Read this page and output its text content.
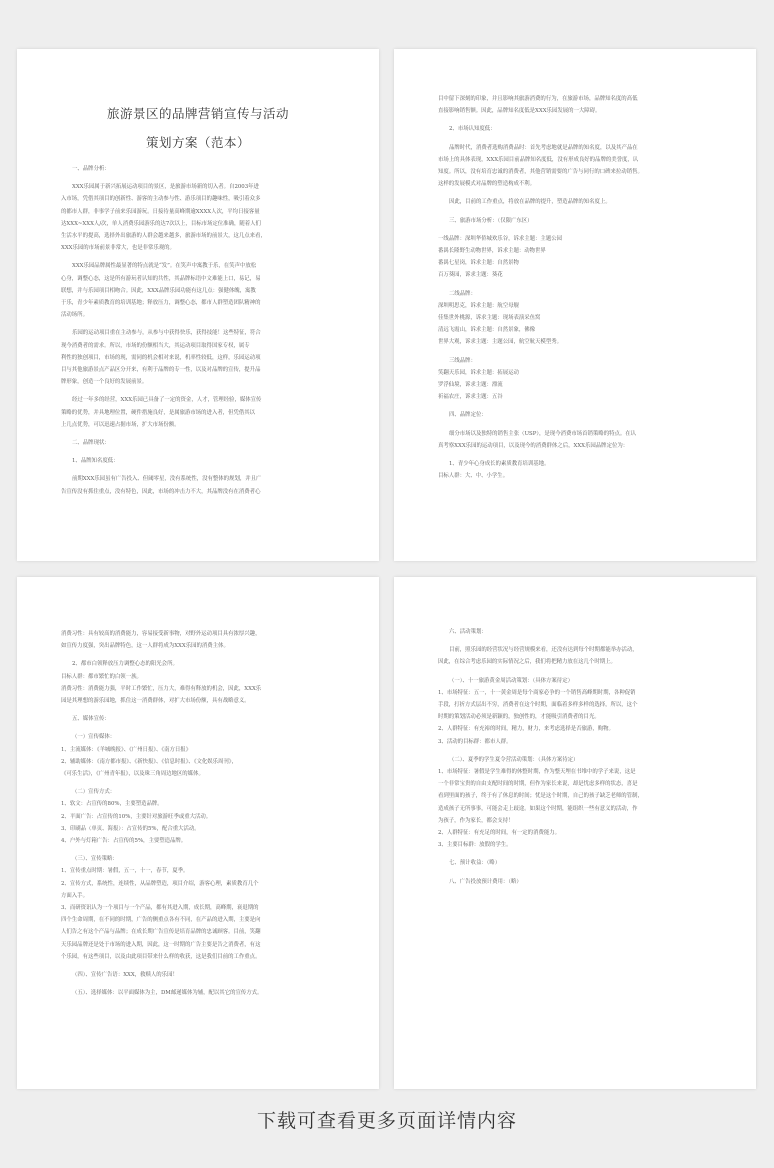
旅游景区的品牌营销宣传与活动
策划方案（范本）
一、品牌分析：
XXX乐园属于新兴拓展运动项目的景区，是旅游市场新的切入者。自2003年进
入市场，凭借其项目的创新性、游客的主动参与性、游乐项目的趣味性，吸引着众多
的都市人群，非事学子前来乐园游玩。日接待量高峰期逾XXXX人次，平均日接客量
达XXX~XXX人/次，单人消费乐园游乐的达7次以上，目标市场定位准确，随着人们
生活水平的提高，选择外出旅游的人群会越来越多，旅游市场的前景大，这几点来看，
XXX乐园的市场前景非常大，也是非常乐观的。
XXX乐园品牌属性最显著的特点就是“发”。在笑声中寓教于乐，在笑声中放松
心身，调整心态，这是所有游玩者认知的共性，其品牌标语中文难能上口，易记，易
联想，并与乐园项目相吻合。因此，XXX品牌乐园功能有这几点：强健体魄，寓教
于乐，青少年素质教育的培训基地；释放压力，调整心态，都市人群塑造团队精神的
活动场所。
乐园的运动项目重在主动参与，从参与中获得快乐，获得技能！这些特征，符合
现今消费者的需求。所以，市场的份额相当大，其运动项目取得国家专权，属专
利性的独创项目，市场的现，需同的机会相对来说，机率性较低，这样，乐园运动项
目与其他旅游景点产品区分开来，有利于品牌的专一性，以及对品牌的宣传，提升品
牌形象，创造一个良好的发展前景。
经过一年多的经营，XXX乐园已具备了一定的资金，人才，管理经验，媒体宣传
策略的优势，并具地理位置，硬件措施良好，是属旅游市场的进入者，但凭借其以
上几点优势，可以迅速占据市场，扩大市场份额。
二、品牌现状：
1、品牌知名度低：
前期XXX乐园虽有广告投入、但阈零星，没有系统性，没有整体的规划，并且广
告宣传没有抓住重点，没有特色，因此，市场的冲击力不大，其品牌没有在消费者心
目中留下深刻的印象，并且影响其旅游消费的行为，在旅游市场，品牌知名度的高低
直接影响销售额。因此，品牌知名度低是XXX乐园发展的一大障碍。
2、市场认知度低：
品牌时代，消费者选购消费品时：首先考虑地就是品牌的知名度，以及其产品在
市场上的具体表现，XXX乐园目前品牌知名度低，没有形成良好的品牌的美誉度，认
知度。所以，没有培育忠诚的消费者，其他营销需要的广告与同行的口碑来拉动销售。
这样的发展模式对品牌的塑造构成不利。
因此，目前的工作重点，将放在品牌的提升，塑造品牌的知名度上。
三、旅游市场分析：（仅限广东区）
一线品牌：深圳华侨城欢乐谷，诉求主题：主题公园
番禺长隆野生动物世界，诉求主题：动物世界
番禺七星岗，诉求主题：自然景物
百万葵园，诉求主题：葵花
二线品牌：
深圳明思克，诉求主题：航空母舰
佳集世外桃源，诉求主题：现场表演采鱼窝
清远飞霞山，诉求主题：自然景象，佛像
世界大观，诉求主题：主题公园，航空航天模型秀。
三线品牌：
笑翻天乐园，诉求主题：拓展运动
罗浮仙境，诉求主题：漂流
祈福农庄，诉求主题：五谷
四、品牌定位：
细分市场以及独特的销售主张（USP），是现今消费市场首销策略的特点。在认
真考察XXX乐园的运动项目，以及现今的消费群体之后，XXX乐园品牌定位为：
1、青少年心身成长的素质教育培训基地。
目标人群：大、中、小学生。
消费习性：具有较高的消费能力，容易接受新事物，对野外运动项目具有浓厚兴趣，
如宣传力度强，突出品牌特色，这一人群将成为XXX乐园的消费主体。
2、都市白领释放压力调整心态的阳光会所。
目标人群：都市繁忙的白领一族。
消费习性：消费能力强，平时工作繁忙，压力大，难得有释放的机会，因此，XXX乐
园是其理想的游乐园地，抓住这一消费群体，对扩大市场份额，具有战略意义。
五、媒体宣传：
（一）宣传媒体：
1、主流媒体：《羊城晚报》、《广州日报》、《南方日报》
2、辅助媒体：《南方都市报》、《新快报》、《信息时报》、《文化娱乐周刊》，
《可乐生活》，《广州青年报》，以及珠三角周边地区的媒体。
（二）宣传方式：
1、软文：占宣传的80%，主要塑造品牌。
2、平面广告：占宣传的10%，主要针对旅游旺季或重大活动。
3、印刷品（单页、海报）：占宣传的5%，配合重大活动。
4、户外与灯箱广告：占宣传的5%，主要塑造品牌。
（三）、宣传策略：
1、宣传重点时期：暑假，五一，十一，春节，夏季。
2、宣传方式，系统性，连续性，从品牌塑造，项目介绍，游客心理，素质教育几个
方面入手。
3、而研资讯认为一个项目与一个产品，都有其进入期，成长期，高峰期，衰退期的
四个生命周期，在不同的时期，广告的侧重点各有不同，在产品的进入期，主要是向
人们告之有这个产品与品牌；在成长期广告宣传是培育品牌的忠诚顾客。目前，笑翻
天乐园品牌还是处于市场的进入期，因此，这一时期的广告主要是告之消费者，有这
个乐园，有这些项目，以及由此项目带来什么样的收获，这是我们目前的工作重点。
（四）、宣传广告语：XXX，救赎人的乐园！
（五）、选择媒体：以平面媒体为主，DM邮递媒体为辅，配以其它的宣传方式。
六、活动策划：
目前，照乐园的经营状况与经营规模来看，还没有达到每个时期都能举办活动，
因此，在综合考虑乐园的实际情况之后，我们将把精力放在这几个时期上。
（一）、十一旅游黄金周活动策划：（具体方案待定）
1、市场特征：五一，十一黄金周是每个商家必争的一个销售高峰期时期，各种促销
手段，打折方式层出不穷，消费者在这个时期，面临着多样多样的选择，所以，这个
时期的策划活动必须是新颖的，独创性的，才能吸引消费者的目光。
2、人群特征：有充裕的时间，精力，财力，来考虑选择是否旅游，购物。
3、活动的目标群：都市人群。
（二）、夏季的学生夏令营活动策划：（具体方案待定）
1、市场特征：暑假是学生难得的休整时期，作为整天埋在书堆中的学子来说，这是
一个非常宝贵的自由支配时间的时期，但作为家长来说，却是忧虑多样的状态，喜是
看到里面的孩子，终于有了休息的时间；忧是这个时期，自己的孩子缺乏老师的管制，
造成孩子无所事事，可能会走上歧途。如果这个时期，能组织一些有意义的活动，作
为孩子，作为家长，都会支持！
2、人群特征：有充足的时间，有一定的消费能力。
3、主要目标群：放假的学生。
七、预计收益：（略）
八、广告投放预计费用：（略）
下载可查看更多页面详情内容
